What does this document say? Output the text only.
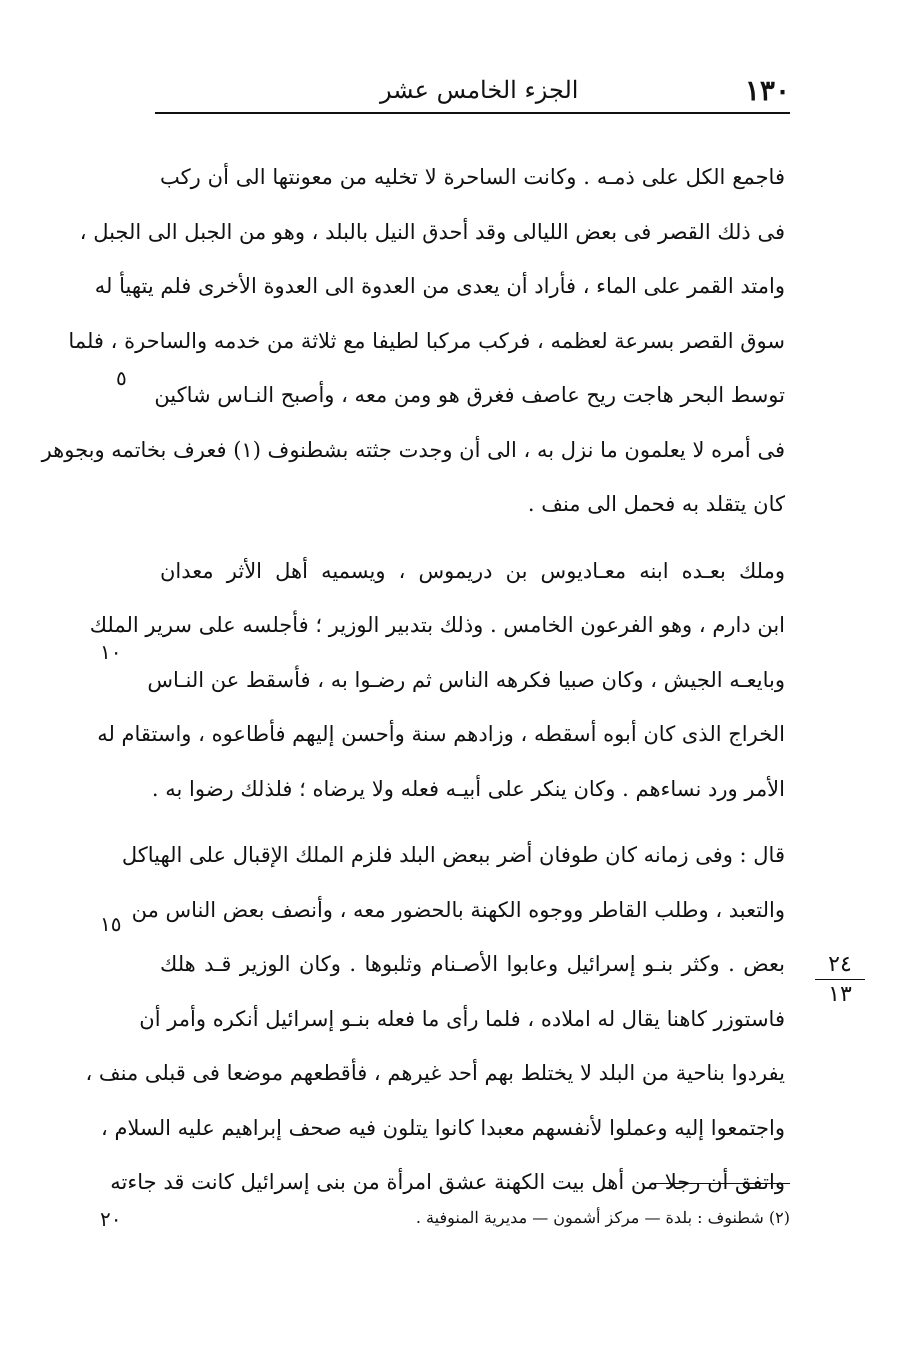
١٣٠
الجزء الخامس عشر
فاجمع الكل على ذمـه . وكانت الساحرة لا تخليه من معونتها الى أن ركب
فى ذلك القصر فى بعض الليالى وقد أحدق النيل بالبلد ، وهو من الجبل الى الجبل ،
وامتد القمر على الماء ، فأراد أن يعدى من العدوة الى العدوة الأخرى فلم يتهيأ له
سوق القصر بسرعة لعظمه ، فركب مركبا لطيفا مع ثلاثة من خدمه والساحرة ، فلما
توسط البحر هاجت ريح عاصف فغرق هو ومن معه ، وأصبح النـاس شاكين
فى أمره لا يعلمون ما نزل به ، الى أن وجدت جثته بشطنوف (١) فعرف بخاتمه وبجوهر
كان يتقلد به فحمل الى منف .
وملك بعـده ابنه معـاديوس بن دريموس ، ويسميه أهل الأثر معدان
ابن دارم ، وهو الفرعون الخامس . وذلك بتدبير الوزير ؛ فأجلسه على سرير الملك
وبايعـه الجيش ، وكان صبيا فكرهه الناس ثم رضـوا به ، فأسقط عن النـاس
الخراج الذى كان أبوه أسقطه ، وزادهم سنة وأحسن إليهم فأطاعوه ، واستقام له
الأمر ورد نساءهم . وكان ينكر على أبيـه فعله ولا يرضاه ؛ فلذلك رضوا به .
قال : وفى زمانه كان طوفان أضر ببعض البلد فلزم الملك الإقبال على الهياكل
والتعبد ، وطلب القاطر ووجوه الكهنة بالحضور معه ، وأنصف بعض الناس من
بعض . وكثر بنـو إسرائيل وعابوا الأصـنام وثلبوها . وكان الوزير قـد هلك
فاستوزر كاهنا يقال له املاده ، فلما رأى ما فعله بنـو إسرائيل أنكره وأمر أن
يفردوا بناحية من البلد لا يختلط بهم أحد غيرهم ، فأقطعهم موضعا فى قبلى منف ،
واجتمعوا إليه وعملوا لأنفسهم معبدا كانوا يتلون فيه صحف إبراهيم عليه السلام ،
واتفق أن رجلا من أهل بيت الكهنة عشق امرأة من بنى إسرائيل كانت قد جاءته
٥
١٠
١٥
٢٠
٢٤
١٣
(٢) شطنوف : بلدة — مركز أشمون — مديرية المنوفية .
